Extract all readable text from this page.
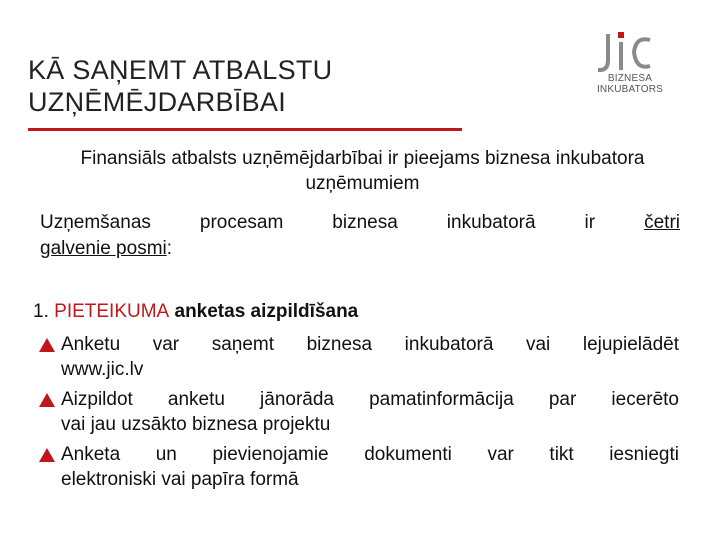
KĀ SAŅEMT ATBALSTU
UZŅĒMĒJDARBĪBAI
BIZNESA INKUBATORS
Finansiāls atbalsts uzņēmējdarbībai ir pieejams biznesa inkubatora uzņēmumiem
Uzņemšanas procesam biznesa inkubatorā ir četri
galvenie posmi:
1. PIETEIKUMA anketas aizpildīšana
Anketu var saņemt biznesa inkubatorā vai lejupielādēt
www.jic.lv
Aizpildot anketu jānorāda pamatinformācija par iecerēto
vai jau uzsākto biznesa projektu
Anketa un pievienojamie dokumenti var tikt iesniegti
elektroniski vai papīra formā
